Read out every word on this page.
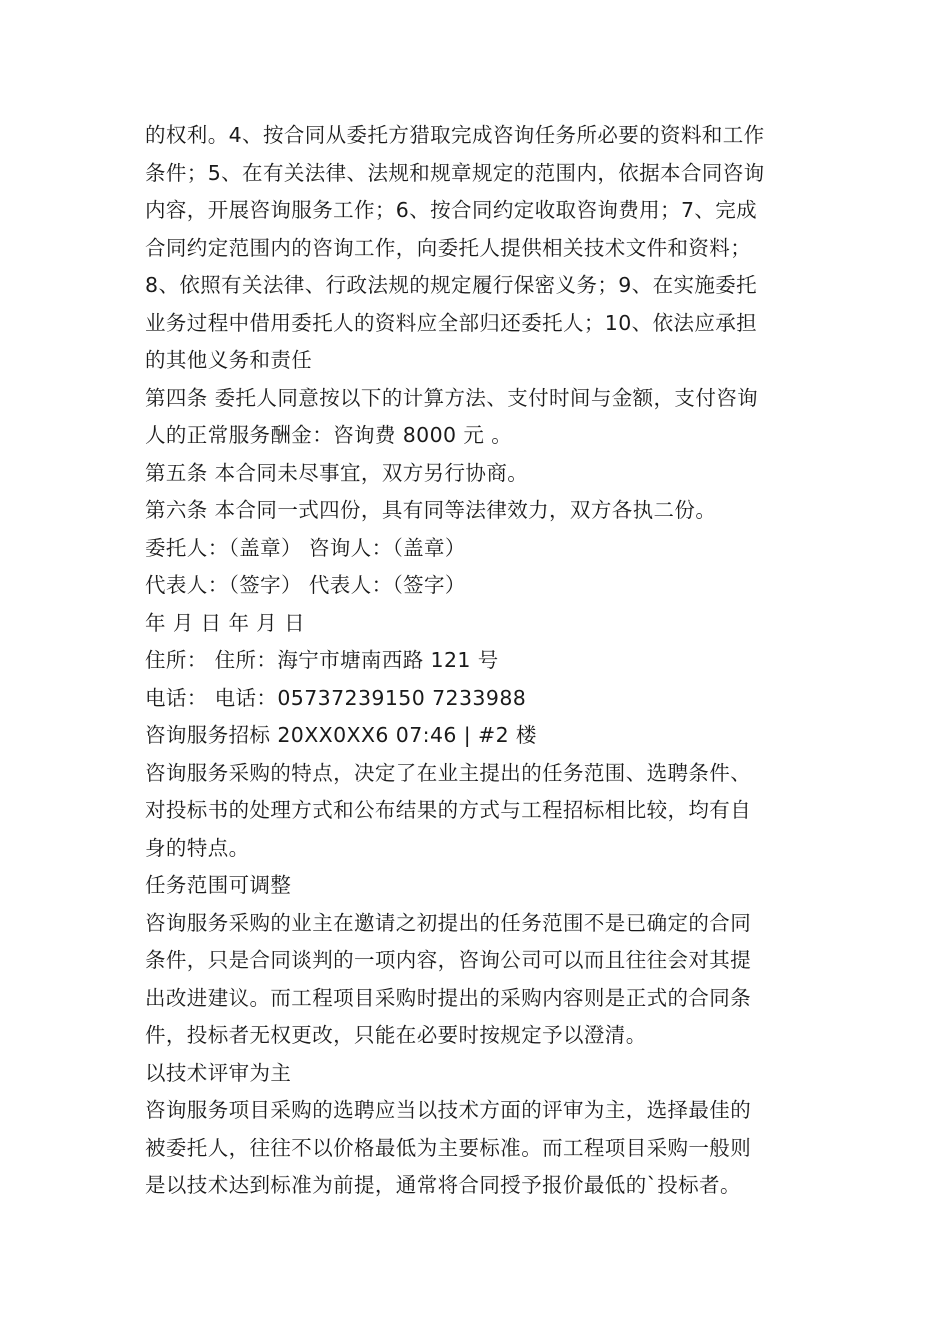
的权利。4、按合同从委托方猎取完成咨询任务所必要的资料和工作
条件；5、在有关法律、法规和规章规定的范围内，依据本合同咨询
内容，开展咨询服务工作；6、按合同约定收取咨询费用；7、完成
合同约定范围内的咨询工作，向委托人提供相关技术文件和资料；
8、依照有关法律、行政法规的规定履行保密义务；9、在实施委托
业务过程中借用委托人的资料应全部归还委托人；10、依法应承担
的其他义务和责任
第四条 委托人同意按以下的计算方法、支付时间与金额，支付咨询
人的正常服务酬金：咨询费 8000 元 。
第五条 本合同未尽事宜，双方另行协商。
第六条 本合同一式四份，具有同等法律效力，双方各执二份。
委托人：（盖章） 咨询人：（盖章）
代表人：（签字） 代表人：（签字）
年 月 日 年 月 日
住所： 住所：海宁市塘南西路 121 号
电话： 电话：05737239150 7233988
咨询服务招标 20XX0XX6 07:46 | #2 楼
咨询服务采购的特点，决定了在业主提出的任务范围、选聘条件、
对投标书的处理方式和公布结果的方式与工程招标相比较，均有自
身的特点。
任务范围可调整
咨询服务采购的业主在邀请之初提出的任务范围不是已确定的合同
条件，只是合同谈判的一项内容，咨询公司可以而且往往会对其提
出改进建议。而工程项目采购时提出的采购内容则是正式的合同条
件，投标者无权更改，只能在必要时按规定予以澄清。
以技术评审为主
咨询服务项目采购的选聘应当以技术方面的评审为主，选择最佳的
被委托人，往往不以价格最低为主要标准。而工程项目采购一般则
是以技术达到标准为前提，通常将合同授予报价最低的`投标者。
